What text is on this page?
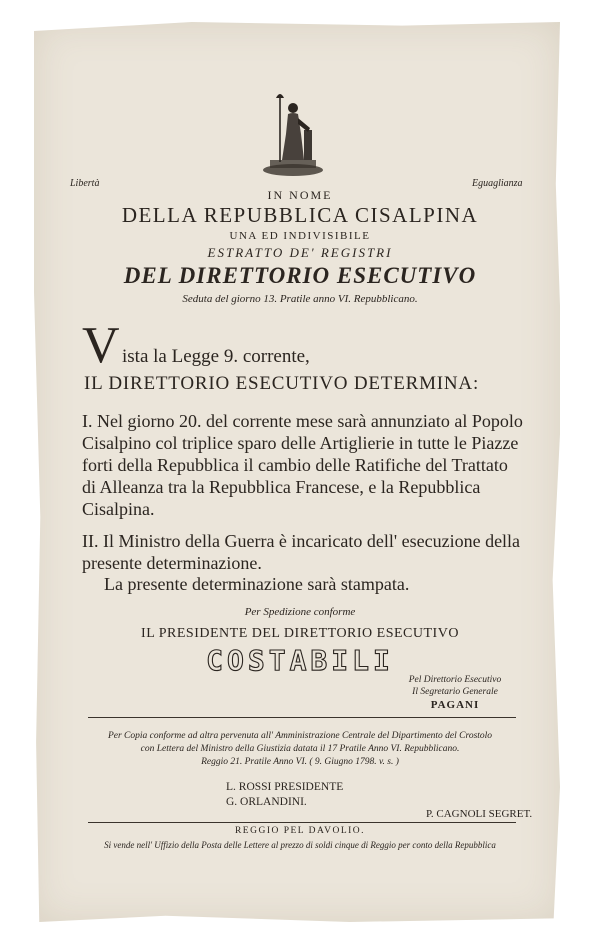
Libertà	Eguaglianza
IN NOME
DELLA REPUBBLICA CISALPINA
UNA ED INDIVISIBILE
ESTRATTO DE' REGISTRI
DEL DIRETTORIO ESECUTIVO
Seduta del giorno 13. Pratile anno VI. Repubblicano.
V ista la Legge 9. corrente,
IL DIRETTORIO ESECUTIVO DETERMINA:
I. Nel giorno 20. del corrente mese sarà annunziato al Popolo Cisalpino col triplice sparo delle Artiglierie in tutte le Piazze forti della Repubblica il cambio delle Ratifiche del Trattato di Alleanza tra la Repubblica Francese, e la Repubblica Cisalpina.
II. Il Ministro della Guerra è incaricato dell' esecuzione della presente determinazione.
La presente determinazione sarà stampata.
Per Spedizione conforme
IL PRESIDENTE DEL DIRETTORIO ESECUTIVO
COSTABILI
Pel Direttorio Esecutivo
Il Segretario Generale
PAGANI
Per Copia conforme ad altra pervenuta all' Amministrazione Centrale del Dipartimento del Crostolo
con Lettera del Ministro della Giustizia datata il 17 Pratile Anno VI. Repubblicano.
Reggio 21. Pratile Anno VI. ( 9. Giugno 1798. v. s. )
L. ROSSI PRESIDENTE
G. ORLANDINI.
P. CAGNOLI SEGRET.
REGGIO PEL DAVOLIO.
Si vende nell' Uffizio della Posta delle Lettere al prezzo di soldi cinque di Reggio per conto della Repubblica
